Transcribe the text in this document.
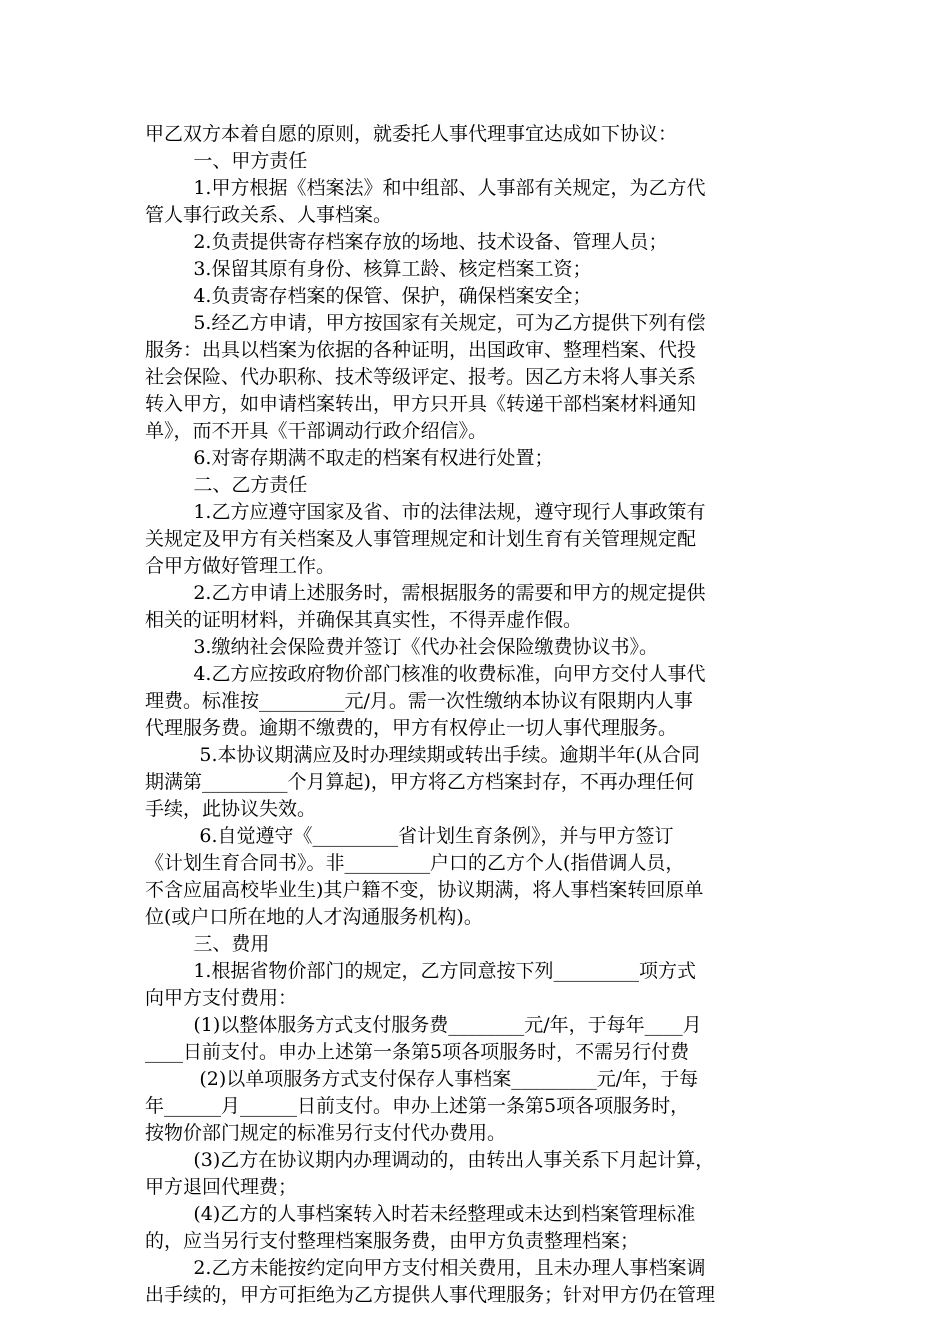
甲乙双方本着自愿的原则，就委托人事代理事宜达成如下协议：
一、甲方责任
1.甲方根据《档案法》和中组部、人事部有关规定，为乙方代
管人事行政关系、人事档案。
2.负责提供寄存档案存放的场地、技术设备、管理人员；
3.保留其原有身份、核算工龄、核定档案工资；
4.负责寄存档案的保管、保护，确保档案安全；
5.经乙方申请，甲方按国家有关规定，可为乙方提供下列有偿
服务：出具以档案为依据的各种证明，出国政审、整理档案、代投
社会保险、代办职称、技术等级评定、报考。因乙方未将人事关系
转入甲方，如申请档案转出，甲方只开具《转递干部档案材料通知
单》，而不开具《干部调动行政介绍信》。
6.对寄存期满不取走的档案有权进行处置；
二、乙方责任
1.乙方应遵守国家及省、市的法律法规，遵守现行人事政策有
关规定及甲方有关档案及人事管理规定和计划生育有关管理规定配
合甲方做好管理工作。
2.乙方申请上述服务时，需根据服务的需要和甲方的规定提供
相关的证明材料，并确保其真实性，不得弄虚作假。
3.缴纳社会保险费并签订《代办社会保险缴费协议书》。
4.乙方应按政府物价部门核准的收费标准，向甲方交付人事代
理费。标准按_________元/月。需一次性缴纳本协议有限期内人事
代理服务费。逾期不缴费的，甲方有权停止一切人事代理服务。
5.本协议期满应及时办理续期或转出手续。逾期半年(从合同
期满第_________个月算起)，甲方将乙方档案封存，不再办理任何
手续，此协议失效。
6.自觉遵守《_________省计划生育条例》，并与甲方签订
《计划生育合同书》。非_________户口的乙方个人(指借调人员，
不含应届高校毕业生)其户籍不变，协议期满，将人事档案转回原单
位(或户口所在地的人才沟通服务机构)。
三、费用
1.根据省物价部门的规定，乙方同意按下列_________项方式
向甲方支付费用：
(1)以整体服务方式支付服务费________元/年，于每年____月
____日前支付。申办上述第一条第5项各项服务时，不需另行付费
(2)以单项服务方式支付保存人事档案_________元/年，于每
年______月______日前支付。申办上述第一条第5项各项服务时，
按物价部门规定的标准另行支付代办费用。
(3)乙方在协议期内办理调动的，由转出人事关系下月起计算，
甲方退回代理费；
(4)乙方的人事档案转入时若未经整理或未达到档案管理标准
的，应当另行支付整理档案服务费，由甲方负责整理档案；
2.乙方未能按约定向甲方支付相关费用，且未办理人事档案调
出手续的，甲方可拒绝为乙方提供人事代理服务；针对甲方仍在管理
